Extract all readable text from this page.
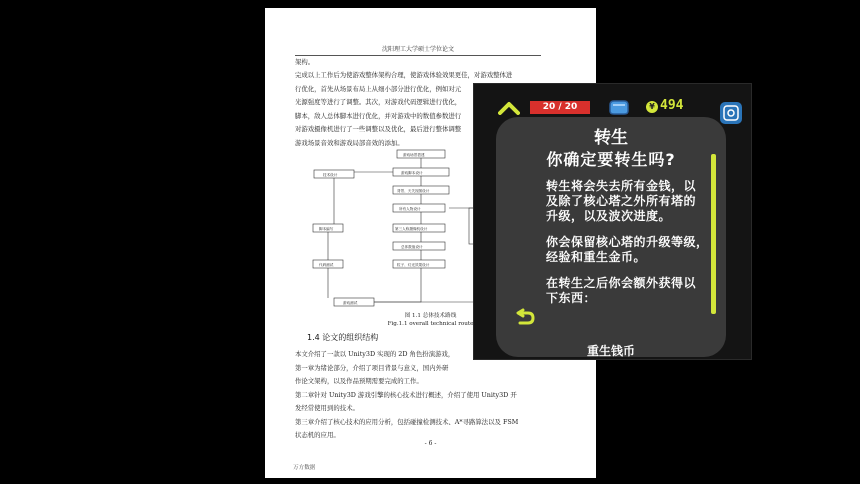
沈阳理工大学硕士学位论文
架构。
完成以上工作后为使游戏整体架构合理，使游戏体验效果更佳，对游戏整体进
行优化，首先从场景布局上从细小部分进行优化，例如对元
光源强度等进行了调整。其次，对游戏代码逻辑进行优化，
脚本，敌人总体脚本进行优化，并对游戏中的数值参数进行
对游戏摄像机进行了一些调整以及优化，最后进行整体调整
游戏场景音效和游戏局部音效的添加。
游戏场景搭建
游戏脚本设计
技术设计
背景、天关视图设计
脚本编写
所有人物设计
第三人称摄像机设计
总体数值设计
代码测试	粒子、灯光效果设计
游戏测试
图 1.1 总体技术路线
Fig.1.1 overall technical route
1.4 论文的组织结构
本文介绍了一款以 Unity3D 实现的 2D 角色扮演游戏，
第一章为绪论部分，介绍了项目背景与意义，国内外研
作论文架构，以及作品预期需要完成的工作。
第二章针对 Unity3D 游戏引擎的核心技术进行概述，介绍了使用 Unity3D 开
发经常使用到的技术。
第三章介绍了核心技术的应用分析，包括碰撞检测技术、A*寻路算法以及 FSM
状态机的应用。
- 6 -
万方数据
20 / 20	¥ 494
转生
你确定要转生吗?
转生将会失去所有金钱，以
及除了核心塔之外所有塔的
升级，以及波次进度。
你会保留核心塔的升级等级，
经验和重生金币。
在转生之后你会额外获得以
下东西：
重生钱币
